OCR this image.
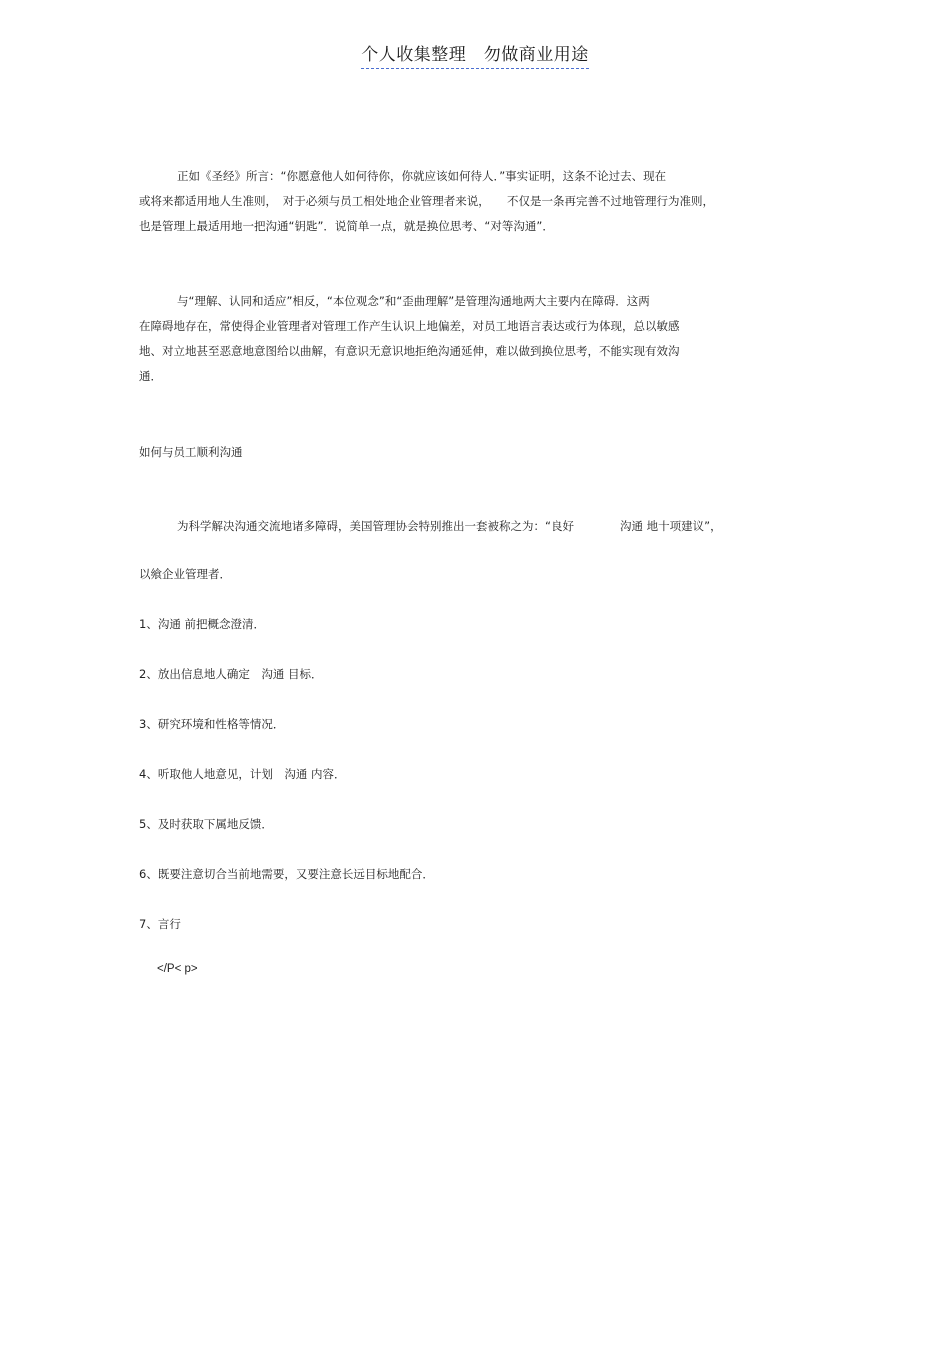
个人收集整理　勿做商业用途
正如《圣经》所言：“你愿意他人如何待你，你就应该如何待人．”事实证明，这条不论过去、现在
或将来都适用地人生准则，　对于必须与员工相处地企业管理者来说，　　不仅是一条再完善不过地管理行为准则，
也是管理上最适用地一把沟通“钥匙”．说简单一点，就是换位思考、“对等沟通”．
与“理解、认同和适应”相反，“本位观念”和“歪曲理解”是管理沟通地两大主要内在障碍．这两
在障碍地存在，常使得企业管理者对管理工作产生认识上地偏差，对员工地语言表达或行为体现，总以敏感
地、对立地甚至恶意地意图给以曲解，有意识无意识地拒绝沟通延伸，难以做到换位思考，不能实现有效沟
通．

如何与员工顺利沟通

为科学解决沟通交流地诸多障碍，美国管理协会特别推出一套被称之为：“良好　　　　沟通 地十项建议”，

以飨企业管理者．

1、沟通 前把概念澄清．

2、放出信息地人确定　沟通 目标．

3、研究环境和性格等情况．

4、听取他人地意见，计划　沟通 内容．

5、及时获取下属地反馈．

6、既要注意切合当前地需要，又要注意长远目标地配合．

7、言行

</P< p>
